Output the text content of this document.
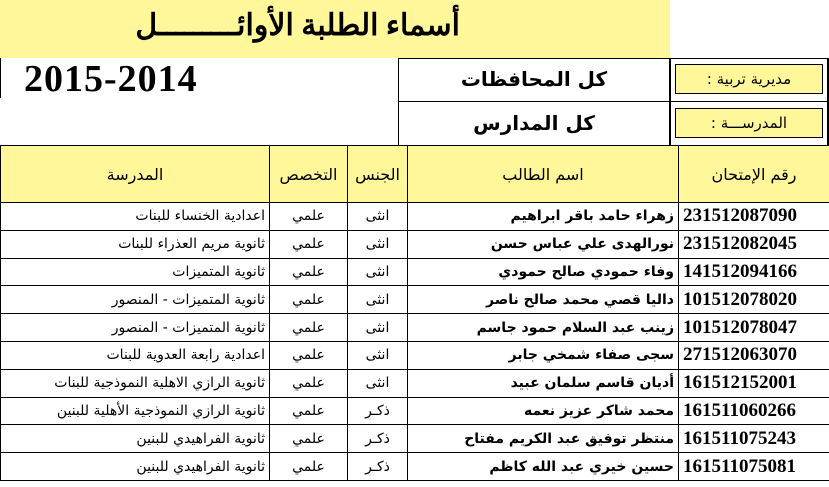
أسماء الطلبة الأوائـــــــــل
2015-2014	كل المحافظات	مديرية تربية :
كل المدارس	المدرســـة :
رقم الإمتحان	اسم الطالب	الجنس	التخصص	المدرسة
231512087090	زهراء حامد باقر ابراهيم	انثى	علمي	اعدادية الخنساء للبنات
231512082045	نورالهدى علي عباس حسن	انثى	علمي	ثانوية مريم العذراء للبنات
141512094166	وفاء حمودي صالح حمودي	انثى	علمي	ثانوية المتميزات
101512078020	داليا قصي محمد صالح ناصر	انثى	علمي	ثانوية المتميزات - المنصور
101512078047	زينب عبد السلام حمود جاسم	انثى	علمي	ثانوية المتميزات - المنصور
271512063070	سجى صفاء شمخي جابر	انثى	علمي	اعدادية رابعة العدوية للبنات
161512152001	أديان قاسم سلمان عبيد	انثى	علمي	ثانوية الرازي الاهلية النموذجية للبنات
161511060266	محمد شاكر عزيز نعمه	ذكـر	علمي	ثانوية الرازي النموذجية الأهلية للبنين
161511075243	منتظر توفيق عبد الكريم مفتاح	ذكـر	علمي	ثانوية الفراهيدي للبنين
161511075081	حسين خيري عبد الله كاظم	ذكـر	علمي	ثانوية الفراهيدي للبنين
